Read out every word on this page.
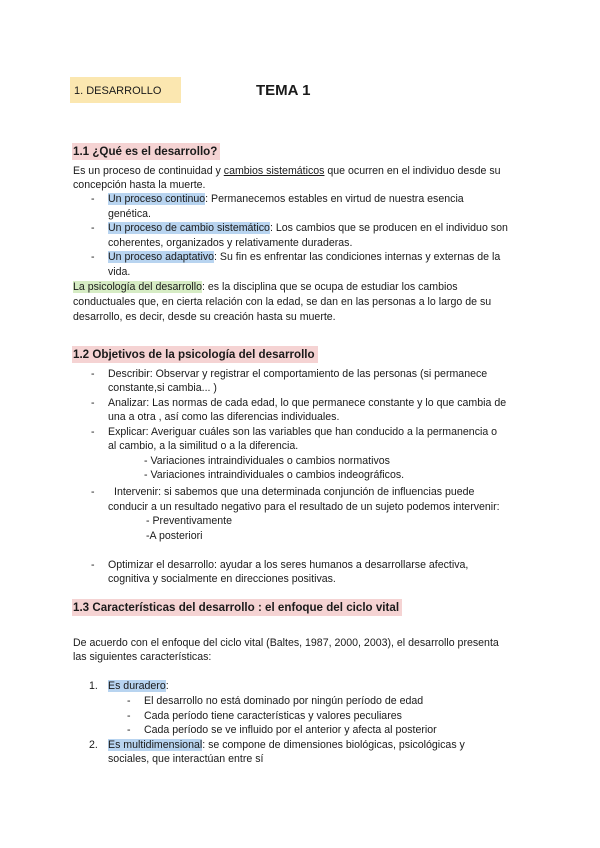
1. DESARROLLO	TEMA 1
1.1 ¿Qué es el desarrollo?
Es un proceso de continuidad y cambios sistemáticos que ocurren en el individuo desde su
concepción hasta la muerte.
- Un proceso continuo: Permanecemos estables en virtud de nuestra esencia
genética.
- Un proceso de cambio sistemático: Los cambios que se producen en el individuo son
coherentes, organizados y relativamente duraderas.
- Un proceso adaptativo: Su fin es enfrentar las condiciones internas y externas de la
vida.
La psicología del desarrollo: es la disciplina que se ocupa de estudiar los cambios
conductuales que, en cierta relación con la edad, se dan en las personas a lo largo de su
desarrollo, es decir, desde su creación hasta su muerte.
1.2 Objetivos de la psicología del desarrollo
- Describir: Observar y registrar el comportamiento de las personas (si permanece
constante,si cambia... )
- Analizar: Las normas de cada edad, lo que permanece constante y lo que cambia de
una a otra , así como las diferencias individuales.
- Explicar: Averiguar cuáles son las variables que han conducido a la permanencia o
al cambio, a la similitud o a la diferencia.
- Variaciones intraindividuales o cambios normativos
- Variaciones intraindividuales o cambios indeográficos.
- Intervenir: si sabemos que una determinada conjunción de influencias puede
conducir a un resultado negativo para el resultado de un sujeto podemos intervenir:
- Preventivamente
-A posteriori
- Optimizar el desarrollo: ayudar a los seres humanos a desarrollarse afectiva,
cognitiva y socialmente en direcciones positivas.
1.3 Características del desarrollo : el enfoque del ciclo vital
De acuerdo con el enfoque del ciclo vital (Baltes, 1987, 2000, 2003), el desarrollo presenta
las siguientes características:
1. Es duradero:
- El desarrollo no está dominado por ningún período de edad
- Cada período tiene características y valores peculiares
- Cada período se ve influido por el anterior y afecta al posterior
2. Es multidimensional: se compone de dimensiones biológicas, psicológicas y
sociales, que interactúan entre sí
